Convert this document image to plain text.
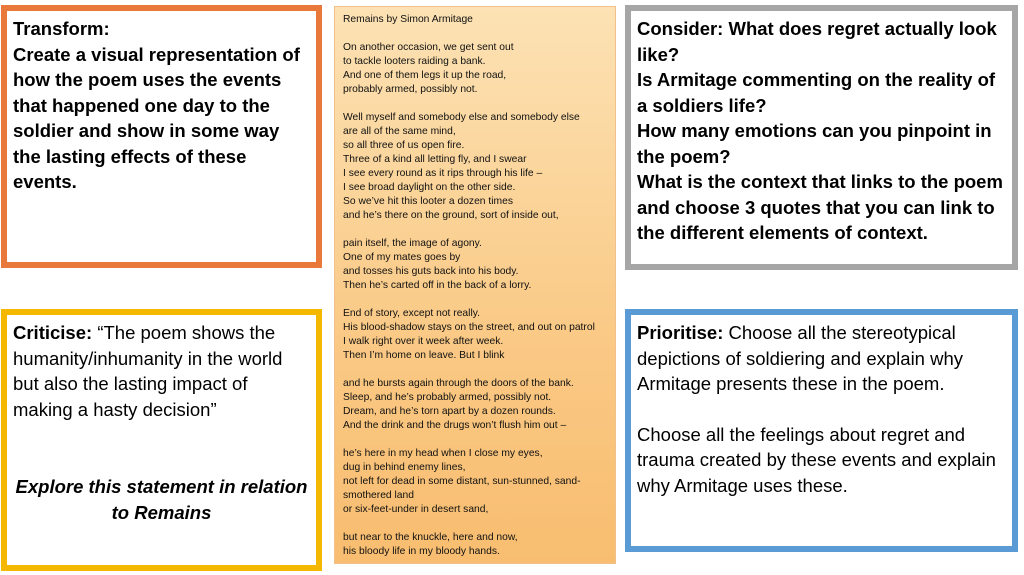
Transform:
Create a visual representation of how the poem uses the events that happened one day to the soldier and show in some way the lasting effects of these events.
Remains by Simon Armitage
On another occasion, we get sent out
to tackle looters raiding a bank.
And one of them legs it up the road,
probably armed, possibly not.
Well myself and somebody else and somebody else
are all of the same mind,
so all three of us open fire.
Three of a kind all letting fly, and I swear
I see every round as it rips through his life –
I see broad daylight on the other side.
So we’ve hit this looter a dozen times
and he’s there on the ground, sort of inside out,
pain itself, the image of agony.
One of my mates goes by
and tosses his guts back into his body.
Then he’s carted off in the back of a lorry.
End of story, except not really.
His blood-shadow stays on the street, and out on patrol
I walk right over it week after week.
Then I’m home on leave. But I blink
and he bursts again through the doors of the bank.
Sleep, and he’s probably armed, possibly not.
Dream, and he’s torn apart by a dozen rounds.
And the drink and the drugs won’t flush him out –
he’s here in my head when I close my eyes,
dug in behind enemy lines,
not left for dead in some distant, sun-stunned, sand-smothered land
or six-feet-under in desert sand,
but near to the knuckle, here and now,
his bloody life in my bloody hands.
Consider: What does regret actually look like?
Is Armitage commenting on the reality of a soldiers life?
How many emotions can you pinpoint in the poem?
What is the context that links to the poem and choose 3 quotes that you can link to the different elements of context.
Criticise: “The poem shows the humanity/inhumanity in the world but also the lasting impact of making a hasty decision”
Explore this statement in relation to Remains
Prioritise: Choose all the stereotypical depictions of soldiering and explain why Armitage presents these in the poem.
Choose all the feelings about regret and trauma created by these events and explain why Armitage uses these.
